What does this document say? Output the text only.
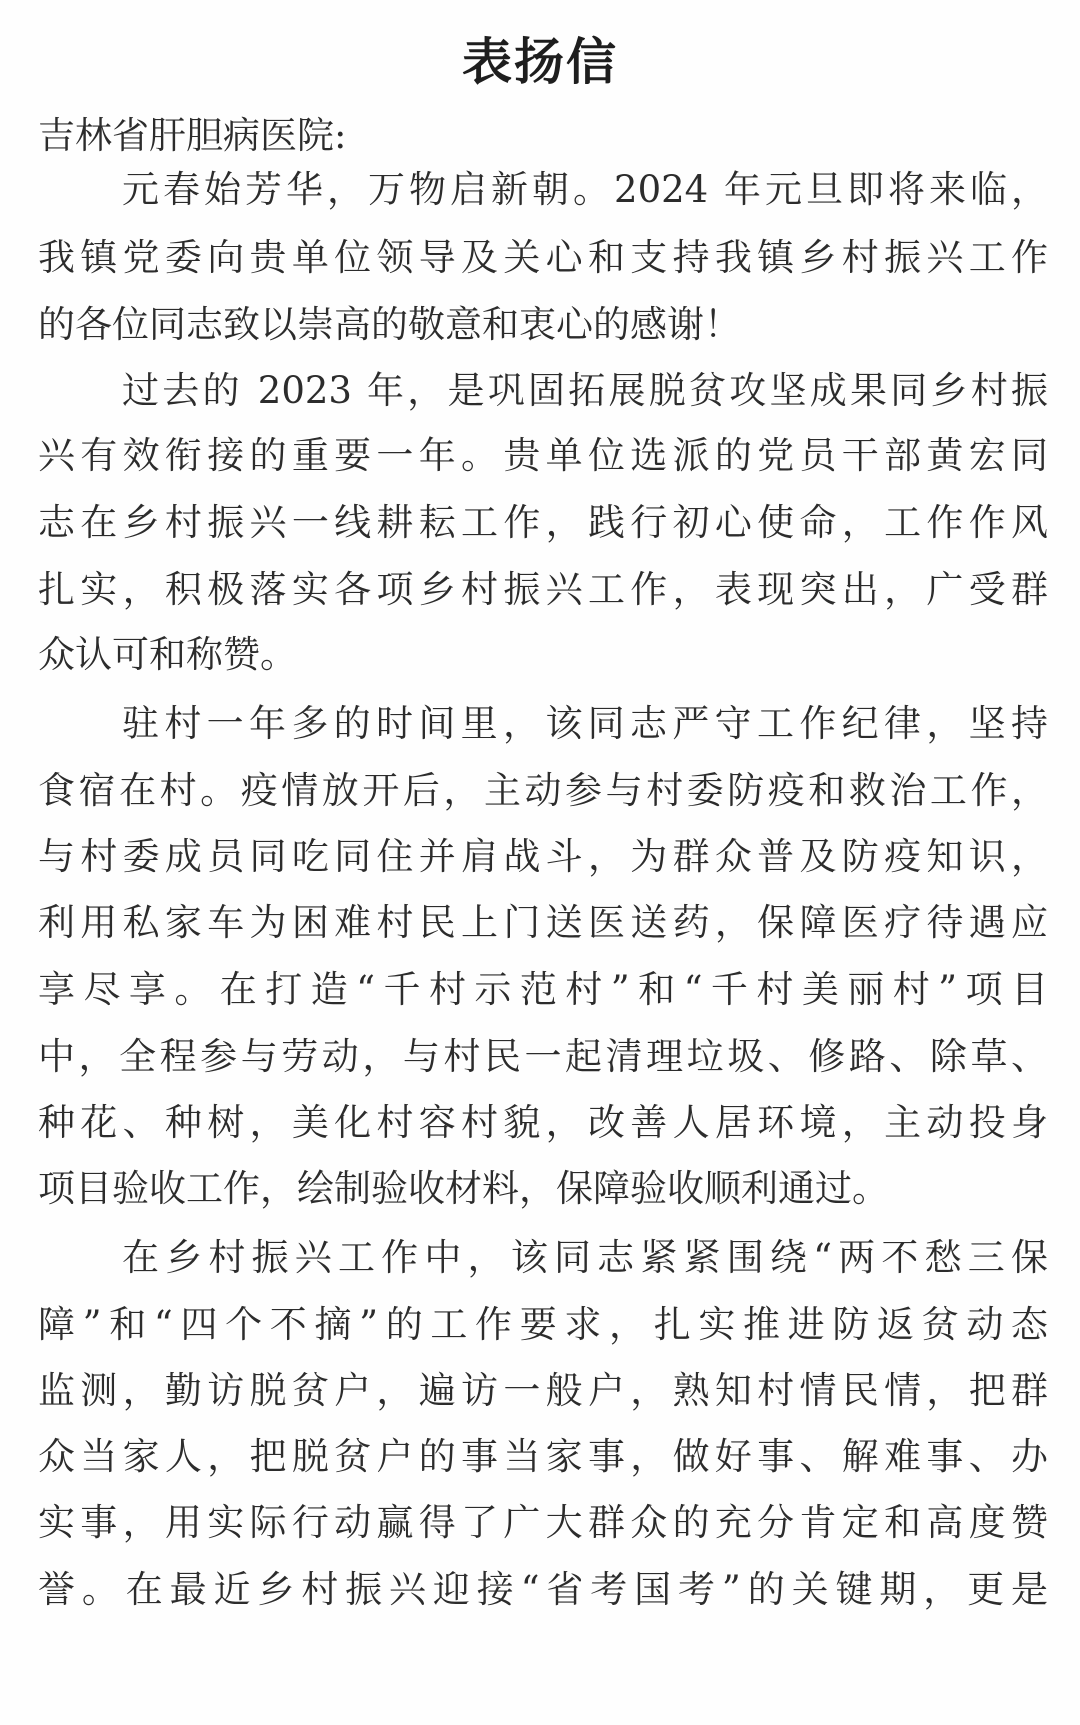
表扬信
吉林省肝胆病医院:
元春始芳华，万物启新朝。2024 年元旦即将来临，
我镇党委向贵单位领导及关心和支持我镇乡村振兴工作
的各位同志致以崇高的敬意和衷心的感谢！
过去的 2023 年，是巩固拓展脱贫攻坚成果同乡村振
兴有效衔接的重要一年。贵单位选派的党员干部黄宏同
志在乡村振兴一线耕耘工作，践行初心使命，工作作风
扎实，积极落实各项乡村振兴工作，表现突出，广受群
众认可和称赞。
驻村一年多的时间里，该同志严守工作纪律，坚持
食宿在村。疫情放开后，主动参与村委防疫和救治工作，
与村委成员同吃同住并肩战斗，为群众普及防疫知识，
利用私家车为困难村民上门送医送药，保障医疗待遇应
享尽享。在打造“千村示范村”和“千村美丽村”项目
中，全程参与劳动，与村民一起清理垃圾、修路、除草、
种花、种树，美化村容村貌，改善人居环境，主动投身
项目验收工作，绘制验收材料，保障验收顺利通过。
在乡村振兴工作中，该同志紧紧围绕“两不愁三保
障”和“四个不摘”的工作要求，扎实推进防返贫动态
监测，勤访脱贫户，遍访一般户，熟知村情民情，把群
众当家人，把脱贫户的事当家事，做好事、解难事、办
实事，用实际行动赢得了广大群众的充分肯定和高度赞
誉。在最近乡村振兴迎接“省考国考”的关键期，更是
